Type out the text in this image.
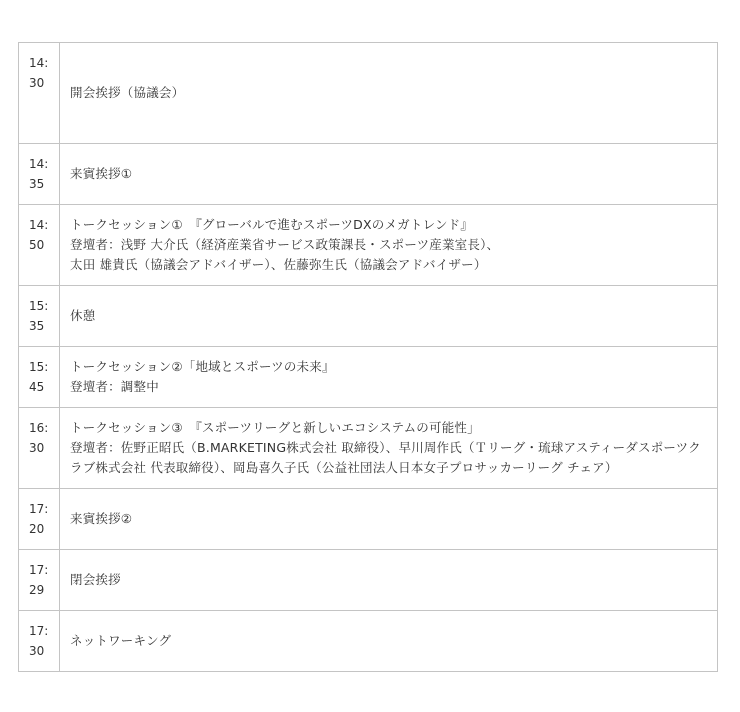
14:
30	開会挨拶（協議会）

14:
35	来賓挨拶①

14:
50	トークセッション①　『グローバルで進むスポーツDXのメガトレンド』
登壇者：浅野 大介氏（経済産業省サービス政策課長・スポーツ産業室長）、
太田 雄貴氏（協議会アドバイザー）、佐藤弥生氏（協議会アドバイザー）

15:
35	休憩

15:
45	トークセッション②「地域とスポーツの未来』
登壇者：調整中

16:
30	トークセッション③　『スポーツリーグと新しいエコシステムの可能性」
登壇者：佐野正昭氏（B.MARKETING株式会社 取締役）、早川周作氏（Ｔリーグ・琉球アスティーダスポーツクラブ株式会社 代表取締役）、岡島喜久子氏（公益社団法人日本女子プロサッカーリーグ チェア）

17:
20	来賓挨拶②

17:
29	閉会挨拶

17:
30	ネットワーキング
